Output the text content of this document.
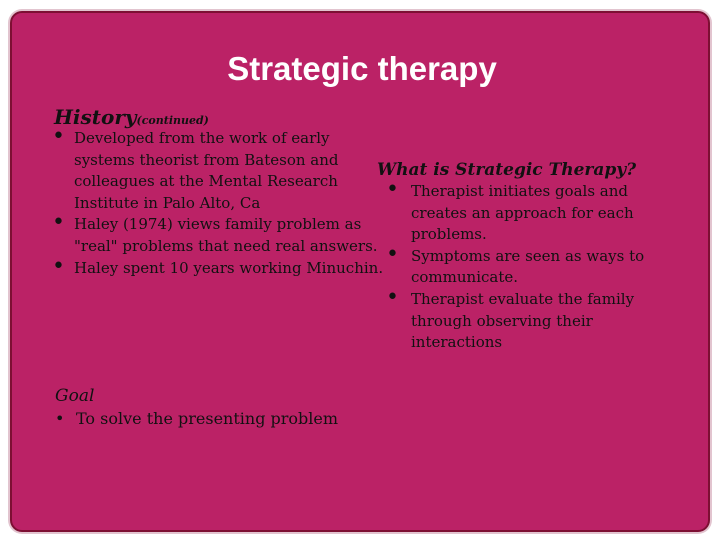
Strategic therapy
History(continued)
• Developed from the work of early systems theorist from Bateson and colleagues at the Mental Research Institute in Palo Alto, Ca
• Haley (1974) views family problem as "real" problems that need real answers.
• Haley spent 10 years working Minuchin.
What is Strategic Therapy?
• Therapist initiates goals and creates an approach for each problems.
• Symptoms are seen as ways to communicate.
• Therapist evaluate the family through observing their interactions
Goal
• To solve the presenting problem
